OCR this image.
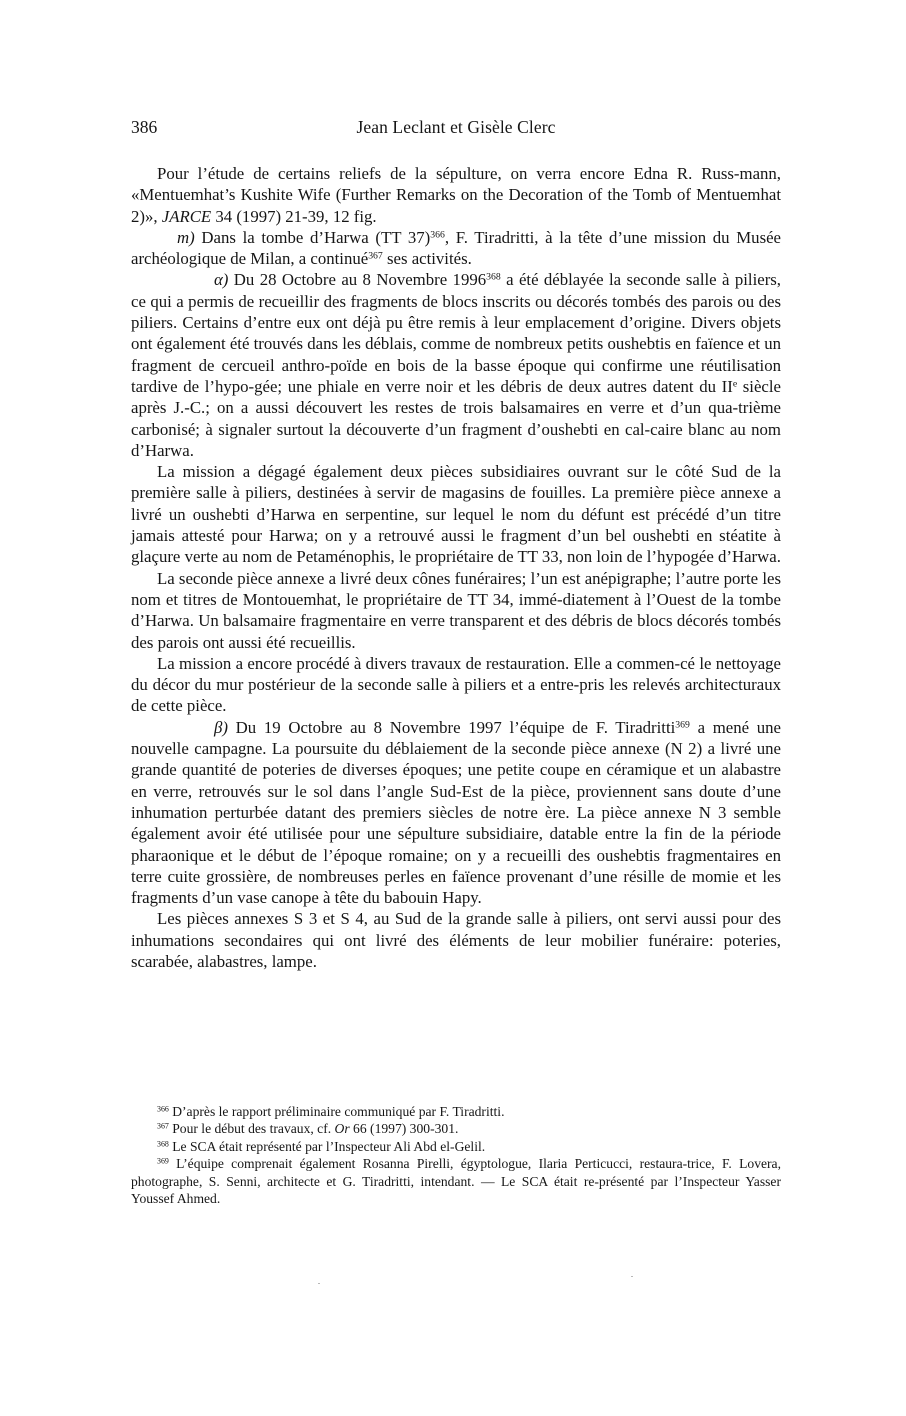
386	Jean Leclant et Gisèle Clerc

Pour l’étude de certains reliefs de la sépulture, on verra encore Edna R. Russ-mann, «Mentuemhat’s Kushite Wife (Further Remarks on the Decoration of the Tomb of Mentuemhat 2)», JARCE 34 (1997) 21-39, 12 fig.

m) Dans la tombe d’Harwa (TT 37)$^{366}$, F. Tiradritti, à la tête d’une mission du Musée archéologique de Milan, a continué$^{367}$ ses activités.

α) Du 28 Octobre au 8 Novembre 1996$^{368}$ a été déblayée la seconde salle à piliers, ce qui a permis de recueillir des fragments de blocs inscrits ou décorés tombés des parois ou des piliers. Certains d’entre eux ont déjà pu être remis à leur emplacement d’origine. Divers objets ont également été trouvés dans les déblais, comme de nombreux petits oushebtis en faïence et un fragment de cercueil anthro-poïde en bois de la basse époque qui confirme une réutilisation tardive de l’hypo-gée; une phiale en verre noir et les débris de deux autres datent du IIe siècle après J.-C.; on a aussi découvert les restes de trois balsamaires en verre et d’un qua-trième carbonisé; à signaler surtout la découverte d’un fragment d’oushebti en cal-caire blanc au nom d’Harwa.

La mission a dégagé également deux pièces subsidiaires ouvrant sur le côté Sud de la première salle à piliers, destinées à servir de magasins de fouilles. La première pièce annexe a livré un oushebti d’Harwa en serpentine, sur lequel le nom du défunt est précédé d’un titre jamais attesté pour Harwa; on y a retrouvé aussi le fragment d’un bel oushebti en stéatite à glaçure verte au nom de Petaménophis, le propriétaire de TT 33, non loin de l’hypogée d’Harwa.

La seconde pièce annexe a livré deux cônes funéraires; l’un est anépigraphe; l’autre porte les nom et titres de Montouemhat, le propriétaire de TT 34, immé-diatement à l’Ouest de la tombe d’Harwa. Un balsamaire fragmentaire en verre transparent et des débris de blocs décorés tombés des parois ont aussi été recueillis.

La mission a encore procédé à divers travaux de restauration. Elle a commen-cé le nettoyage du décor du mur postérieur de la seconde salle à piliers et a entre-pris les relevés architecturaux de cette pièce.

β) Du 19 Octobre au 8 Novembre 1997 l’équipe de F. Tiradritti$^{369}$ a mené une nouvelle campagne. La poursuite du déblaiement de la seconde pièce annexe (N 2) a livré une grande quantité de poteries de diverses époques; une petite coupe en céramique et un alabastre en verre, retrouvés sur le sol dans l’angle Sud-Est de la pièce, proviennent sans doute d’une inhumation perturbée datant des premiers siècles de notre ère. La pièce annexe N 3 semble également avoir été utilisée pour une sépulture subsidiaire, datable entre la fin de la période pharaonique et le début de l’époque romaine; on y a recueilli des oushebtis fragmentaires en terre cuite grossière, de nombreuses perles en faïence provenant d’une résille de momie et les fragments d’un vase canope à tête du babouin Hapy.

Les pièces annexes S 3 et S 4, au Sud de la grande salle à piliers, ont servi aussi pour des inhumations secondaires qui ont livré des éléments de leur mobilier funéraire: poteries, scarabée, alabastres, lampe.

$^{366}$ D’après le rapport préliminaire communiqué par F. Tiradritti.

$^{367}$ Pour le début des travaux, cf. Or 66 (1997) 300-301.

$^{368}$ Le SCA était représenté par l’Inspecteur Ali Abd el-Gelil.

$^{369}$ L’équipe comprenait également Rosanna Pirelli, égyptologue, Ilaria Perticucci, restaura-trice, F. Lovera, photographe, S. Senni, architecte et G. Tiradritti, intendant. — Le SCA était re-présenté par l’Inspecteur Yasser Youssef Ahmed.
